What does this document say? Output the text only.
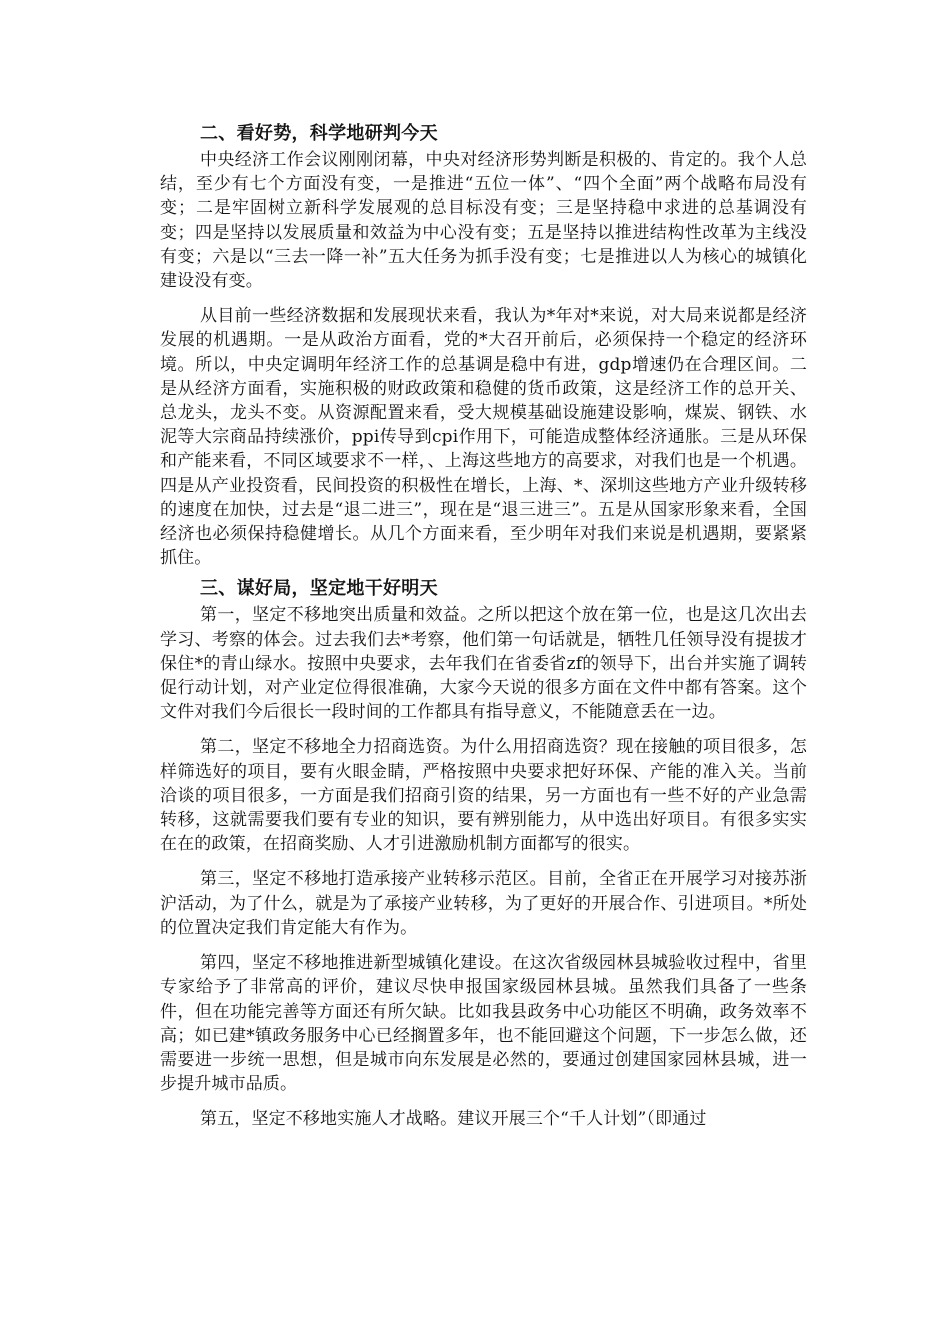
二、看好势，科学地研判今天

中央经济工作会议刚刚闭幕，中央对经济形势判断是积极的、肯定的。我个人总结，至少有七个方面没有变，一是推进“五位一体”、“四个全面”两个战略布局没有变；二是牢固树立新科学发展观的总目标没有变；三是坚持稳中求进的总基调没有变；四是坚持以发展质量和效益为中心没有变；五是坚持以推进结构性改革为主线没有变；六是以“三去一降一补”五大任务为抓手没有变；七是推进以人为核心的城镇化建设没有变。

从目前一些经济数据和发展现状来看，我认为*年对*来说，对大局来说都是经济发展的机遇期。一是从政治方面看，党的*大召开前后，必须保持一个稳定的经济环境。所以，中央定调明年经济工作的总基调是稳中有进，gdp增速仍在合理区间。二是从经济方面看，实施积极的财政政策和稳健的货币政策，这是经济工作的总开关、总龙头，龙头不变。从资源配置来看，受大规模基础设施建设影响，煤炭、钢铁、水泥等大宗商品持续涨价，ppi传导到cpi作用下，可能造成整体经济通胀。三是从环保和产能来看，不同区域要求不一样，、上海这些地方的高要求，对我们也是一个机遇。四是从产业投资看，民间投资的积极性在增长，上海、*、深圳这些地方产业升级转移的速度在加快，过去是“退二进三”，现在是“退三进三”。五是从国家形象来看，全国经济也必须保持稳健增长。从几个方面来看，至少明年对我们来说是机遇期，要紧紧抓住。

三、谋好局，坚定地干好明天

第一，坚定不移地突出质量和效益。之所以把这个放在第一位，也是这几次出去学习、考察的体会。过去我们去*考察，他们第一句话就是，牺牲几任领导没有提拔才保住*的青山绿水。按照中央要求，去年我们在省委省zf的领导下，出台并实施了调转促行动计划，对产业定位得很准确，大家今天说的很多方面在文件中都有答案。这个文件对我们今后很长一段时间的工作都具有指导意义，不能随意丢在一边。

第二，坚定不移地全力招商选资。为什么用招商选资？现在接触的项目很多，怎样筛选好的项目，要有火眼金睛，严格按照中央要求把好环保、产能的准入关。当前洽谈的项目很多，一方面是我们招商引资的结果，另一方面也有一些不好的产业急需转移，这就需要我们要有专业的知识，要有辨别能力，从中选出好项目。有很多实实在在的政策，在招商奖励、人才引进激励机制方面都写的很实。

第三，坚定不移地打造承接产业转移示范区。目前，全省正在开展学习对接苏浙沪活动，为了什么，就是为了承接产业转移，为了更好的开展合作、引进项目。*所处的位置决定我们肯定能大有作为。

第四，坚定不移地推进新型城镇化建设。在这次省级园林县城验收过程中，省里专家给予了非常高的评价，建议尽快申报国家级园林县城。虽然我们具备了一些条件，但在功能完善等方面还有所欠缺。比如我县政务中心功能区不明确，政务效率不高；如已建*镇政务服务中心已经搁置多年，也不能回避这个问题，下一步怎么做，还需要进一步统一思想，但是城市向东发展是必然的，要通过创建国家园林县城，进一步提升城市品质。

第五，坚定不移地实施人才战略。建议开展三个“千人计划”（即通过
